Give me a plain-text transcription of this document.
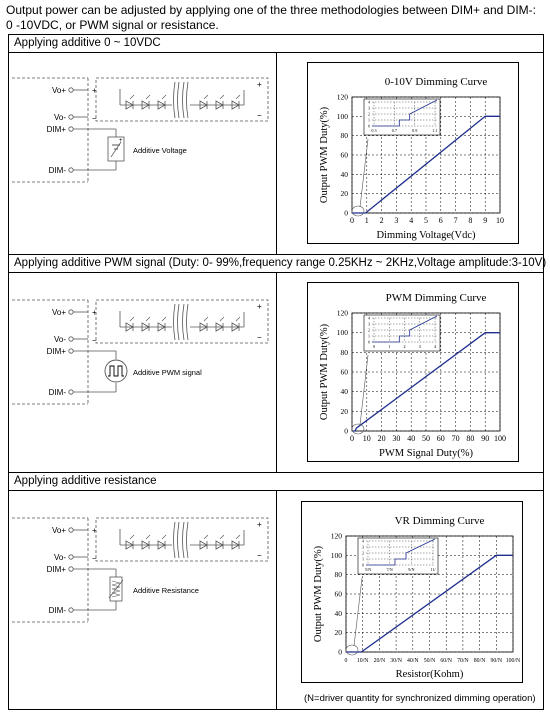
Output power can be adjusted by applying one of the three methodologies between DIM+ and DIM-:
0 -10VDC, or PWM signal or resistance.
Applying additive 0 ~ 10VDC
Applying additive PWM signal (Duty: 0- 99%,frequency range 0.25KHz ~ 2KHz,Voltage amplitude:3-10V)
Applying additive resistance
Vo+
Vo-
DIM+
DIM-
+
−
+
−
+
Additive Voltage
Vo+
Vo-
DIM+
DIM-
+
−
+
−
Additive PWM signal
Vo+
Vo-
DIM+
DIM-
+
−
+
−
Additive Resistance
0-10V Dimming Curve
0 1 2 3 4 5 6 7 8 9 10
0
20
40
60
80
100
120
Dimming Voltage(Vdc)
Output PWM Duty(%)	0
1
2
3
4
0.3	0.7	0.9	1.1
PWM Dimming Curve
0 10 20 30 40 50 60 70 80 90 100
0
20
40
60
80
100
120
PWM Signal Duty(%)
Output PWM Duty(%)	0
1
2
3
4
0	1	2	3	4
VR Dimming Curve
0 10/N 20/N 30/N 40/N 50/N 60/N 70/N 80/N 90/N 100/N
0
20
40
60
80
100
120
Resistor(Kohm)
Output PWM Duty(%)	0
1
2
3
4
5/N	7/N	9/N	11/
(N=driver quantity for synchronized dimming operation)
